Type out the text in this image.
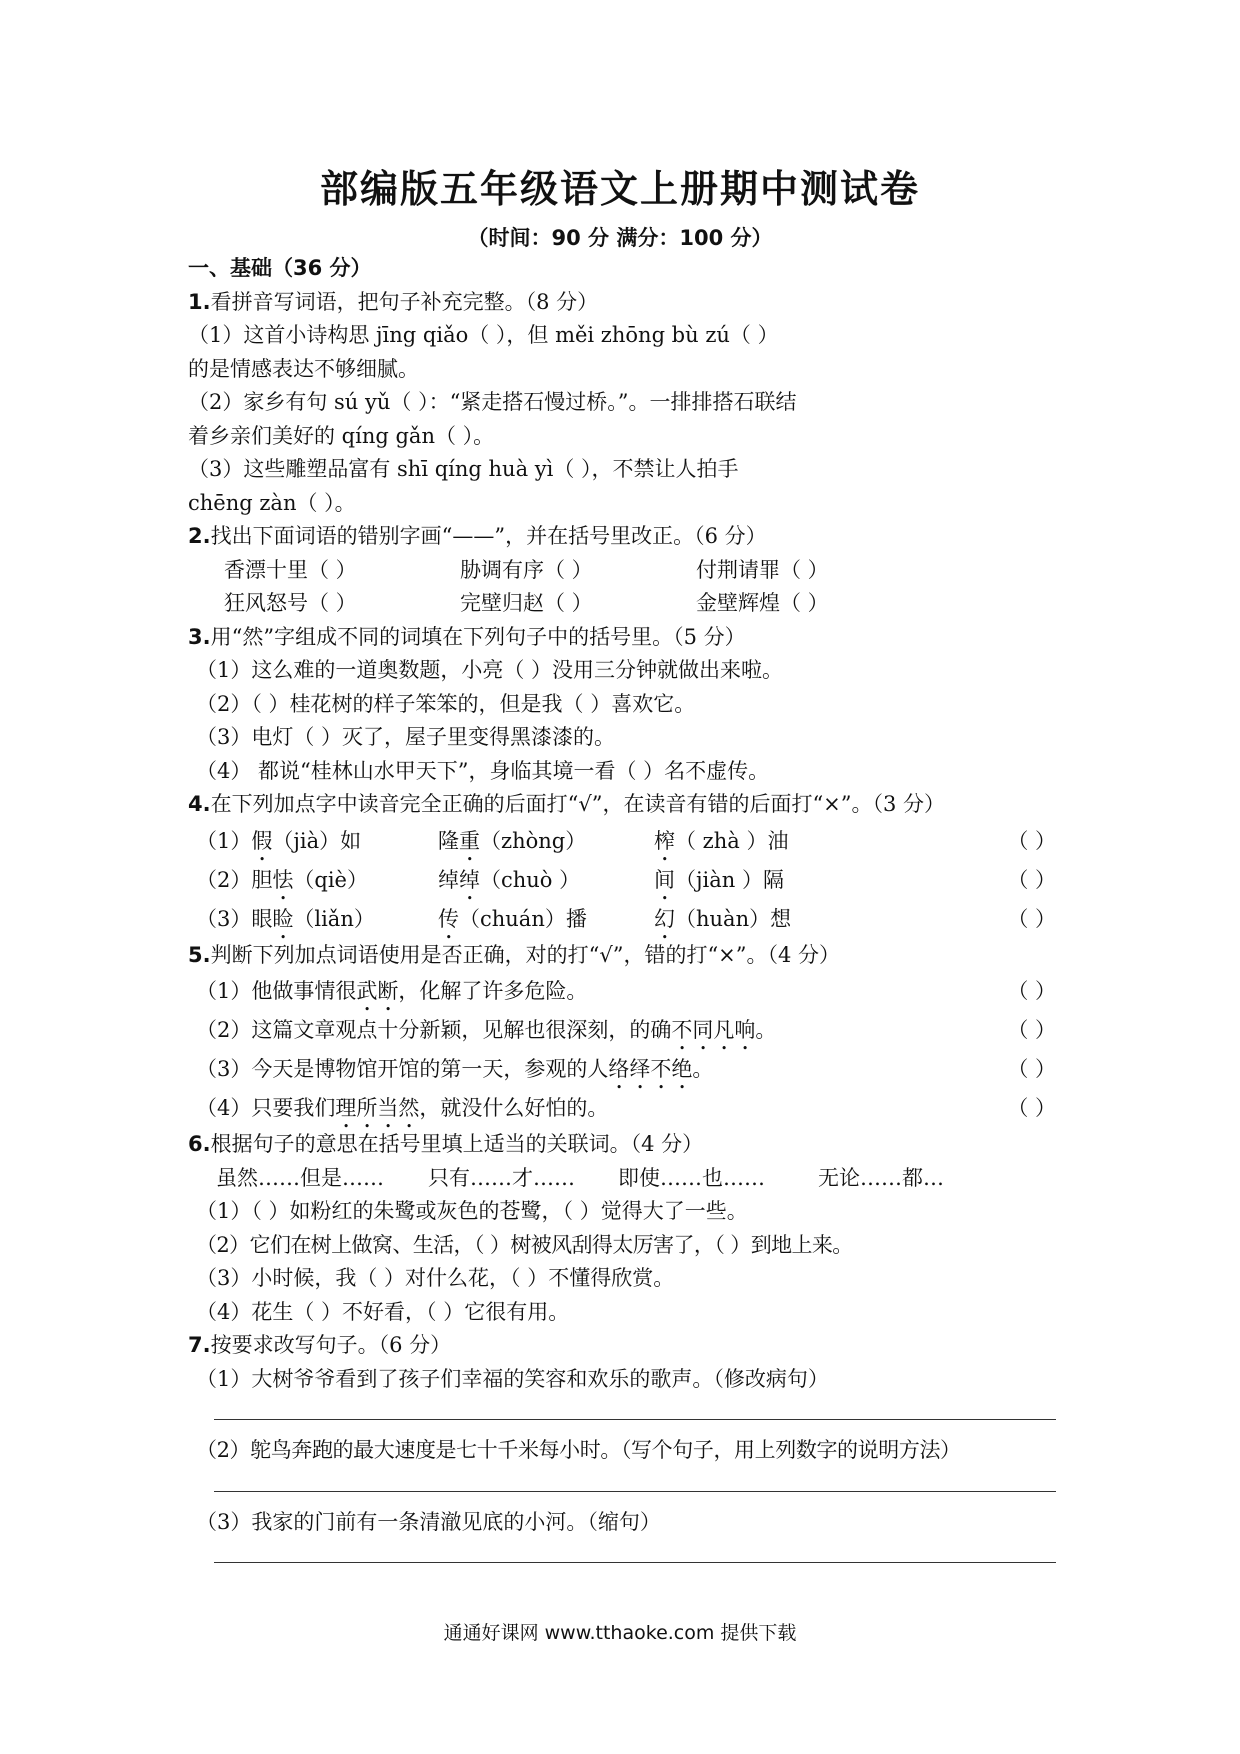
部编版五年级语文上册期中测试卷
（时间：90 分 满分：100 分）
一、基础（36 分）
1.看拼音写词语，把句子补充完整。（8 分）
（1）这首小诗构思 jīng qiǎo（ ），但 měi zhōng bù zú（ ）
的是情感表达不够细腻。
（2）家乡有句 sú yǔ（ ）：“紧走搭石慢过桥。”。一排排搭石联结
着乡亲们美好的 qíng gǎn（ ）。
（3）这些雕塑品富有 shī qíng huà yì（ ），不禁让人拍手
chēng zàn（ ）。
2.找出下面词语的错别字画“——”，并在括号里改正。（6 分）
香漂十里（ ）	胁调有序（ ）	付荆请罪（ ）
狂风怒号（ ）	完壁归赵（ ）	金壁辉煌（ ）
3.用“然”字组成不同的词填在下列句子中的括号里。（5 分）
（1）这么难的一道奥数题，小亮（ ）没用三分钟就做出来啦。
（2）（ ）桂花树的样子笨笨的，但是我（ ）喜欢它。
（3）电灯（ ）灭了，屋子里变得黑漆漆的。
（4） 都说“桂林山水甲天下”，身临其境一看（ ）名不虚传。
4.在下列加点字中读音完全正确的后面打“√”，在读音有错的后面打“×”。（3 分）
（1）假（jià）如	隆重（zhòng）	榨（ zhà ）油	（ ）
（2）胆怯（qiè）	绰绰（chuò ）	间（jiàn ）隔	（ ）
（3）眼睑（liǎn）	传（chuán）播	幻（huàn）想	（ ）
5.判断下列加点词语使用是否正确，对的打“√”，错的打“×”。（4 分）
（1）他做事情很武断，化解了许多危险。	（ ）
（2）这篇文章观点十分新颖，见解也很深刻，的确不同凡响。	（ ）
（3）今天是博物馆开馆的第一天，参观的人络绎不绝。	（ ）
（4）只要我们理所当然，就没什么好怕的。	（ ）
6.根据句子的意思在括号里填上适当的关联词。（4 分）
虽然……但是…… 只有……才…… 即使……也……	无论……都…
（1）（ ）如粉红的朱鹭或灰色的苍鹭，（ ）觉得大了一些。
（2）它们在树上做窝、生活，（ ）树被风刮得太厉害了，（ ）到地上来。
（3）小时候，我（ ）对什么花，（ ）不懂得欣赏。
（4）花生（ ）不好看，（ ）它很有用。
7.按要求改写句子。（6 分）
（1）大树爷爷看到了孩子们幸福的笑容和欢乐的歌声。（修改病句）
（2）鸵鸟奔跑的最大速度是七十千米每小时。（写个句子，用上列数字的说明方法）
（3）我家的门前有一条清澈见底的小河。（缩句）
通通好课网 www.tthaoke.com 提供下载
